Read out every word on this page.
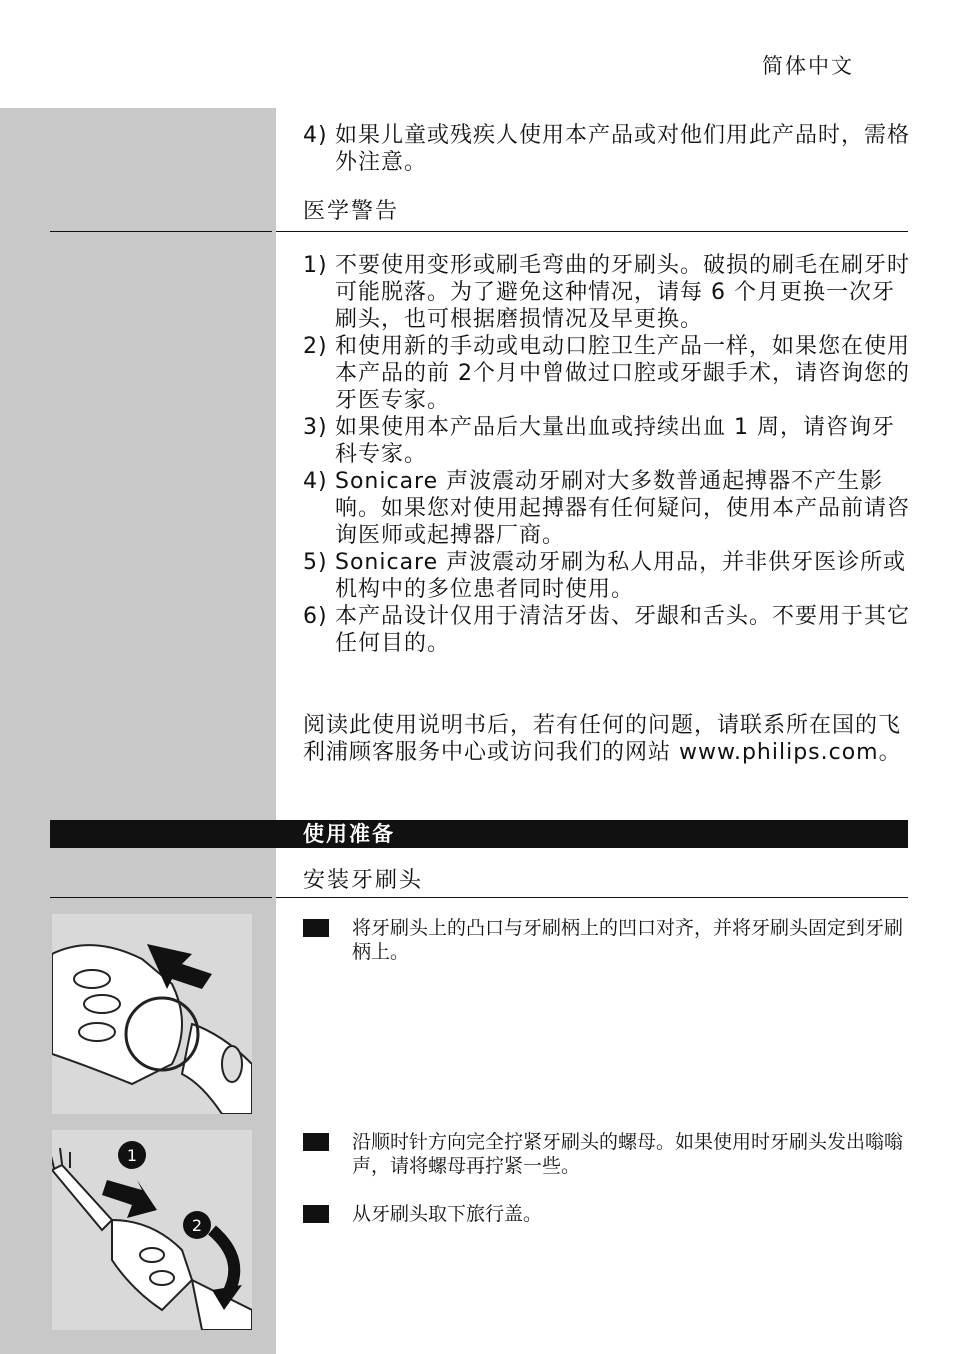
简体中文
4) 如果儿童或残疾人使用本产品或对他们用此产品时，需格外注意。
医学警告
1) 不要使用变形或刷毛弯曲的牙刷头。破损的刷毛在刷牙时可能脱落。为了避免这种情况，请每 6 个月更换一次牙刷头，也可根据磨损情况及早更换。
2) 和使用新的手动或电动口腔卫生产品一样，如果您在使用本产品的前 2个月中曾做过口腔或牙龈手术，请咨询您的牙医专家。
3) 如果使用本产品后大量出血或持续出血 1 周，请咨询牙科专家。
4) Sonicare 声波震动牙刷对大多数普通起搏器不产生影响。如果您对使用起搏器有任何疑问，使用本产品前请咨询医师或起搏器厂商。
5) Sonicare 声波震动牙刷为私人用品，并非供牙医诊所或机构中的多位患者同时使用。
6) 本产品设计仅用于清洁牙齿、牙龈和舌头。不要用于其它任何目的。

阅读此使用说明书后，若有任何的问题，请联系所在国的飞利浦顾客服务中心或访问我们的网站 www.philips.com。

使用准备
安装牙刷头
将牙刷头上的凸口与牙刷柄上的凹口对齐，并将牙刷头固定到牙刷柄上。
1
2
沿顺时针方向完全拧紧牙刷头的螺母。如果使用时牙刷头发出嗡嗡声，请将螺母再拧紧一些。
从牙刷头取下旅行盖。
